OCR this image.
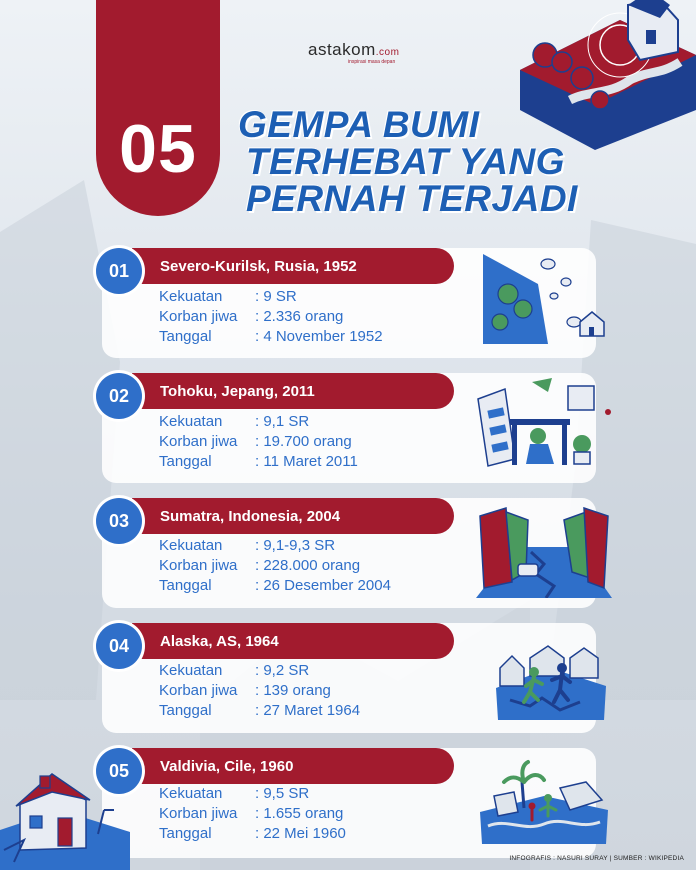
05
astakom.com
inspirasi masa depan
GEMPA BUMI
TERHEBAT YANG
PERNAH TERJADI
Severo-Kurilsk, Rusia, 1952
01
Kekuatan	: 9 SR
Korban jiwa	: 2.336 orang
Tanggal	: 4 November 1952
Tohoku, Jepang, 2011
02
Kekuatan	: 9,1 SR
Korban jiwa	: 19.700 orang
Tanggal	: 11 Maret 2011
Sumatra, Indonesia, 2004
03
Kekuatan	: 9,1-9,3 SR
Korban jiwa	: 228.000 orang
Tanggal	: 26 Desember 2004
Alaska, AS, 1964
04
Kekuatan	: 9,2 SR
Korban jiwa	: 139 orang
Tanggal	: 27 Maret 1964
Valdivia, Cile, 1960
05
Kekuatan	: 9,5 SR
Korban jiwa	: 1.655 orang
Tanggal	: 22 Mei 1960
INFOGRAFIS : NASURI SURAY | SUMBER : WIKIPEDIA
